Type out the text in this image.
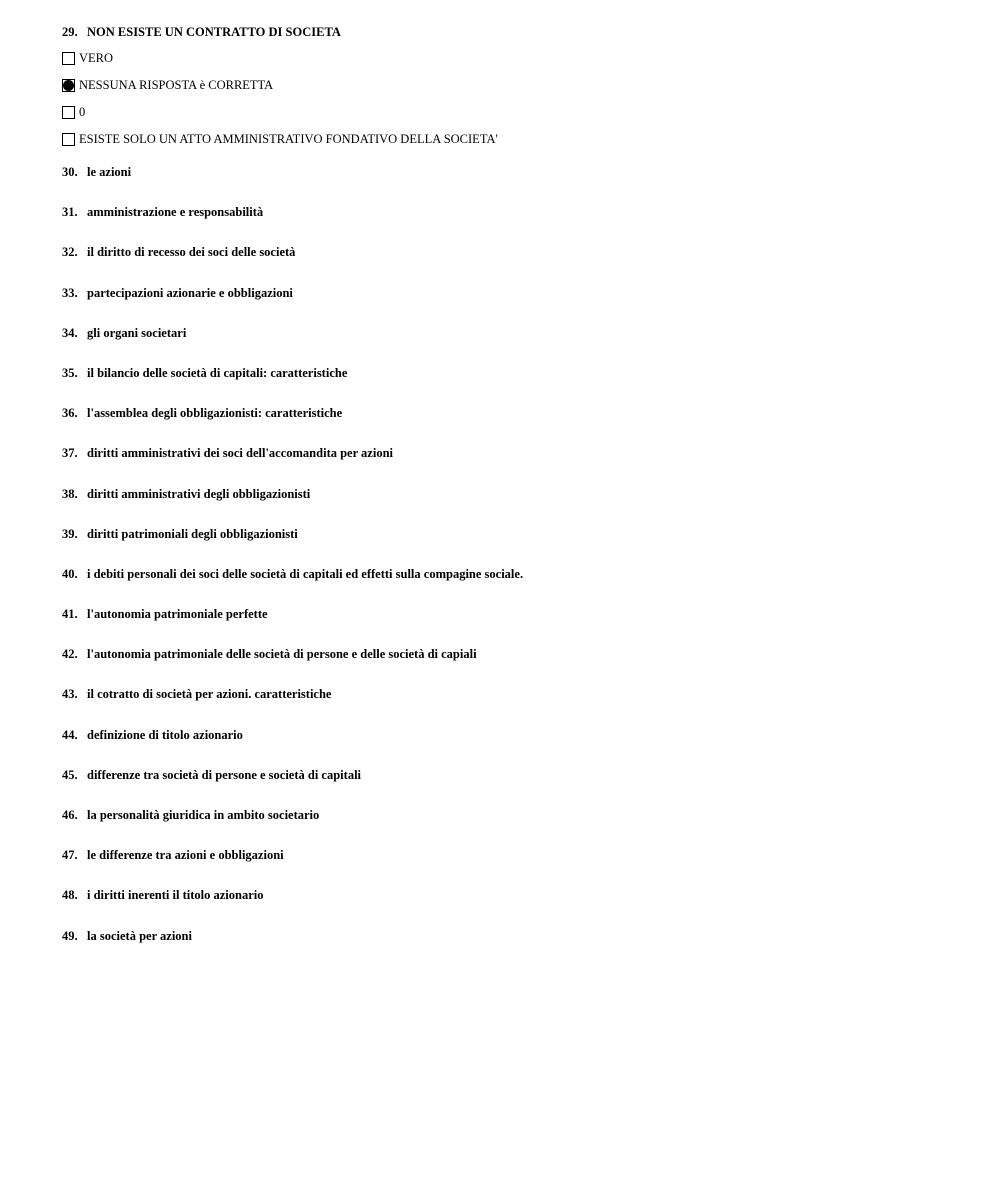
29. NON ESISTE UN CONTRATTO DI SOCIETA
VERO
NESSUNA RISPOSTA è CORRETTA
0
ESISTE SOLO UN ATTO AMMINISTRATIVO FONDATIVO DELLA SOCIETA'
30. le azioni
31. amministrazione e responsabilità
32. il diritto di recesso dei soci delle società
33. partecipazioni azionarie e obbligazioni
34. gli organi societari
35. il bilancio delle società di capitali: caratteristiche
36. l'assemblea degli obbligazionisti: caratteristiche
37. diritti amministrativi dei soci dell'accomandita per azioni
38. diritti amministrativi degli obbligazionisti
39. diritti patrimoniali degli obbligazionisti
40. i debiti personali dei soci delle società di capitali ed effetti sulla compagine sociale.
41. l'autonomia patrimoniale perfette
42. l'autonomia patrimoniale delle società di persone e delle società di capiali
43. il cotratto di società per azioni. caratteristiche
44. definizione di titolo azionario
45. differenze tra società di persone e società di capitali
46. la personalità giuridica in ambito societario
47. le differenze tra azioni e obbligazioni
48. i diritti inerenti il titolo azionario
49. la società per azioni
